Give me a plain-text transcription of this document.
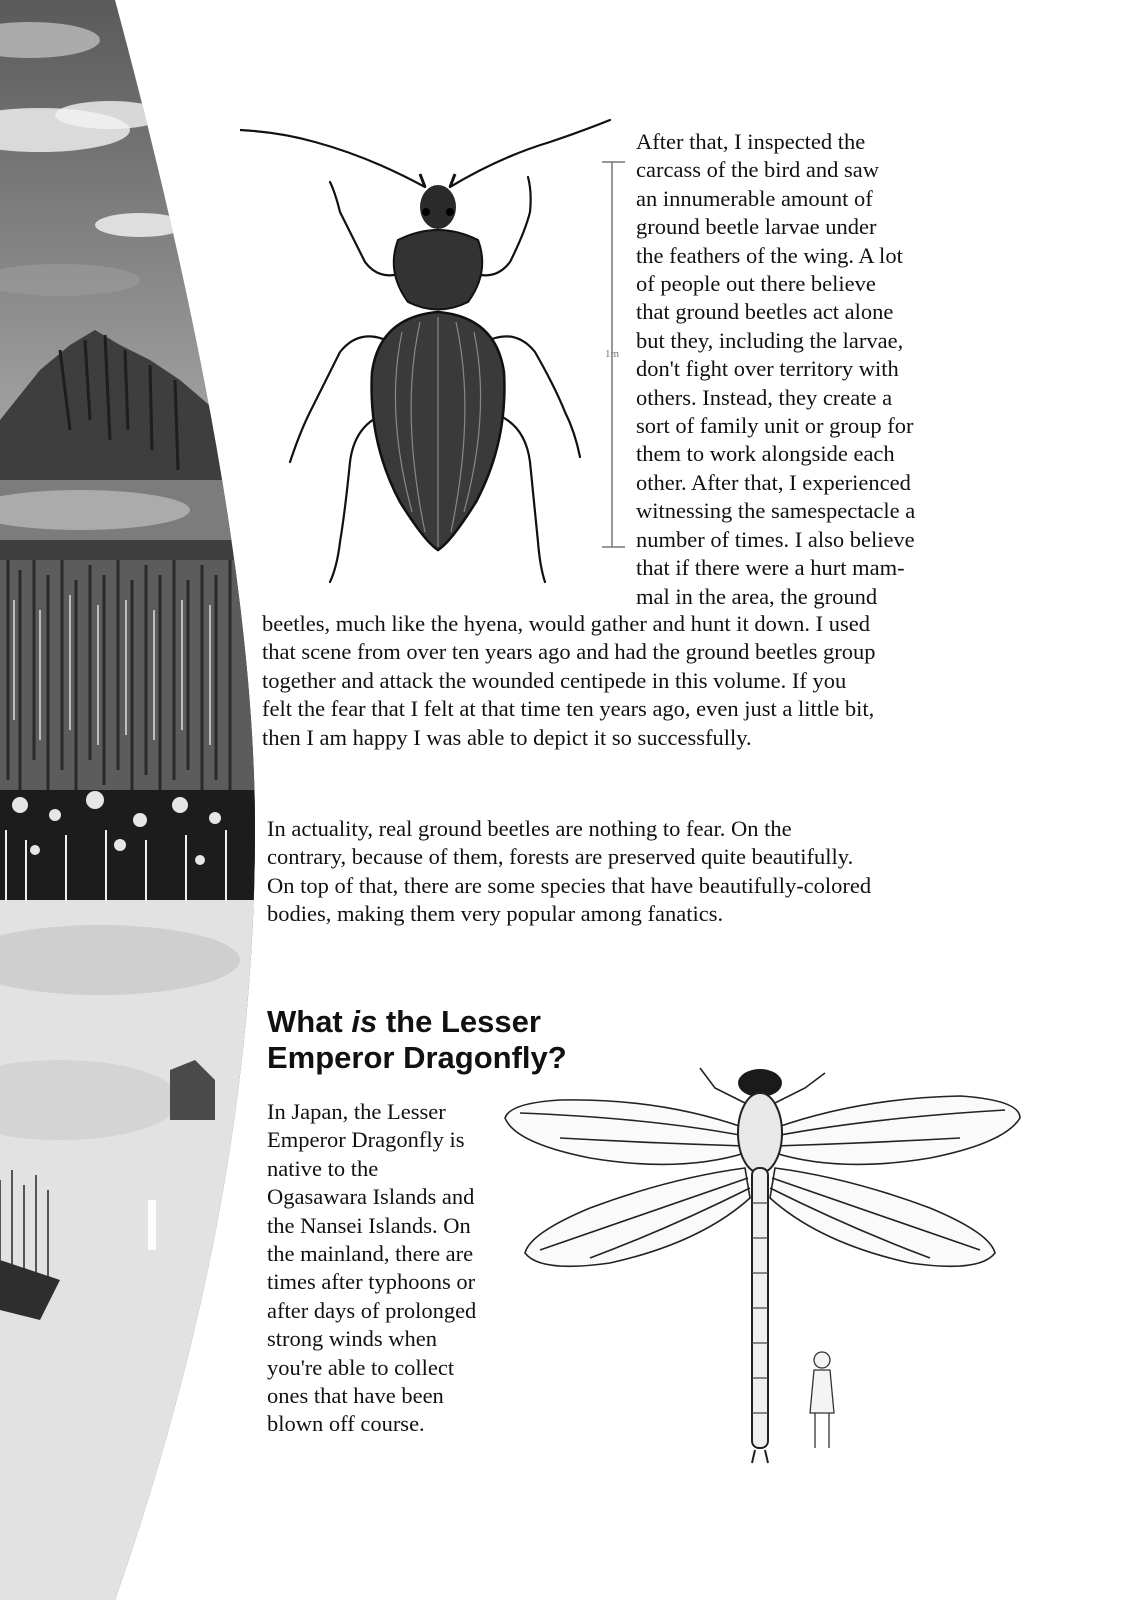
1m

After that, I inspected the
carcass of the bird and saw
an innumerable amount of
ground beetle larvae under
the feathers of the wing. A lot
of people out there believe
that ground beetles act alone
but they, including the larvae,
don't fight over territory with
others. Instead, they create a
sort of family unit or group for
them to work alongside each
other. After that, I experienced
witnessing the samespectacle a
number of times. I also believe
that if there were a hurt mam-
mal in the area, the ground

beetles, much like the hyena, would gather and hunt it down. I used
that scene from over ten years ago and had the ground beetles group
together and attack the wounded centipede in this volume. If you
felt the fear that I felt at that time ten years ago, even just a little bit,
then I am happy I was able to depict it so successfully.

In actuality, real ground beetles are nothing to fear. On the
contrary, because of them, forests are preserved quite beautifully.
On top of that, there are some species that have beautifully-colored
bodies, making them very popular among fanatics.

What is the Lesser
Emperor Dragonfly?

In Japan, the Lesser
Emperor Dragonfly is
native to the
Ogasawara Islands and
the Nansei Islands. On
the mainland, there are
times after typhoons or
after days of prolonged
strong winds when
you're able to collect
ones that have been
blown off course.
